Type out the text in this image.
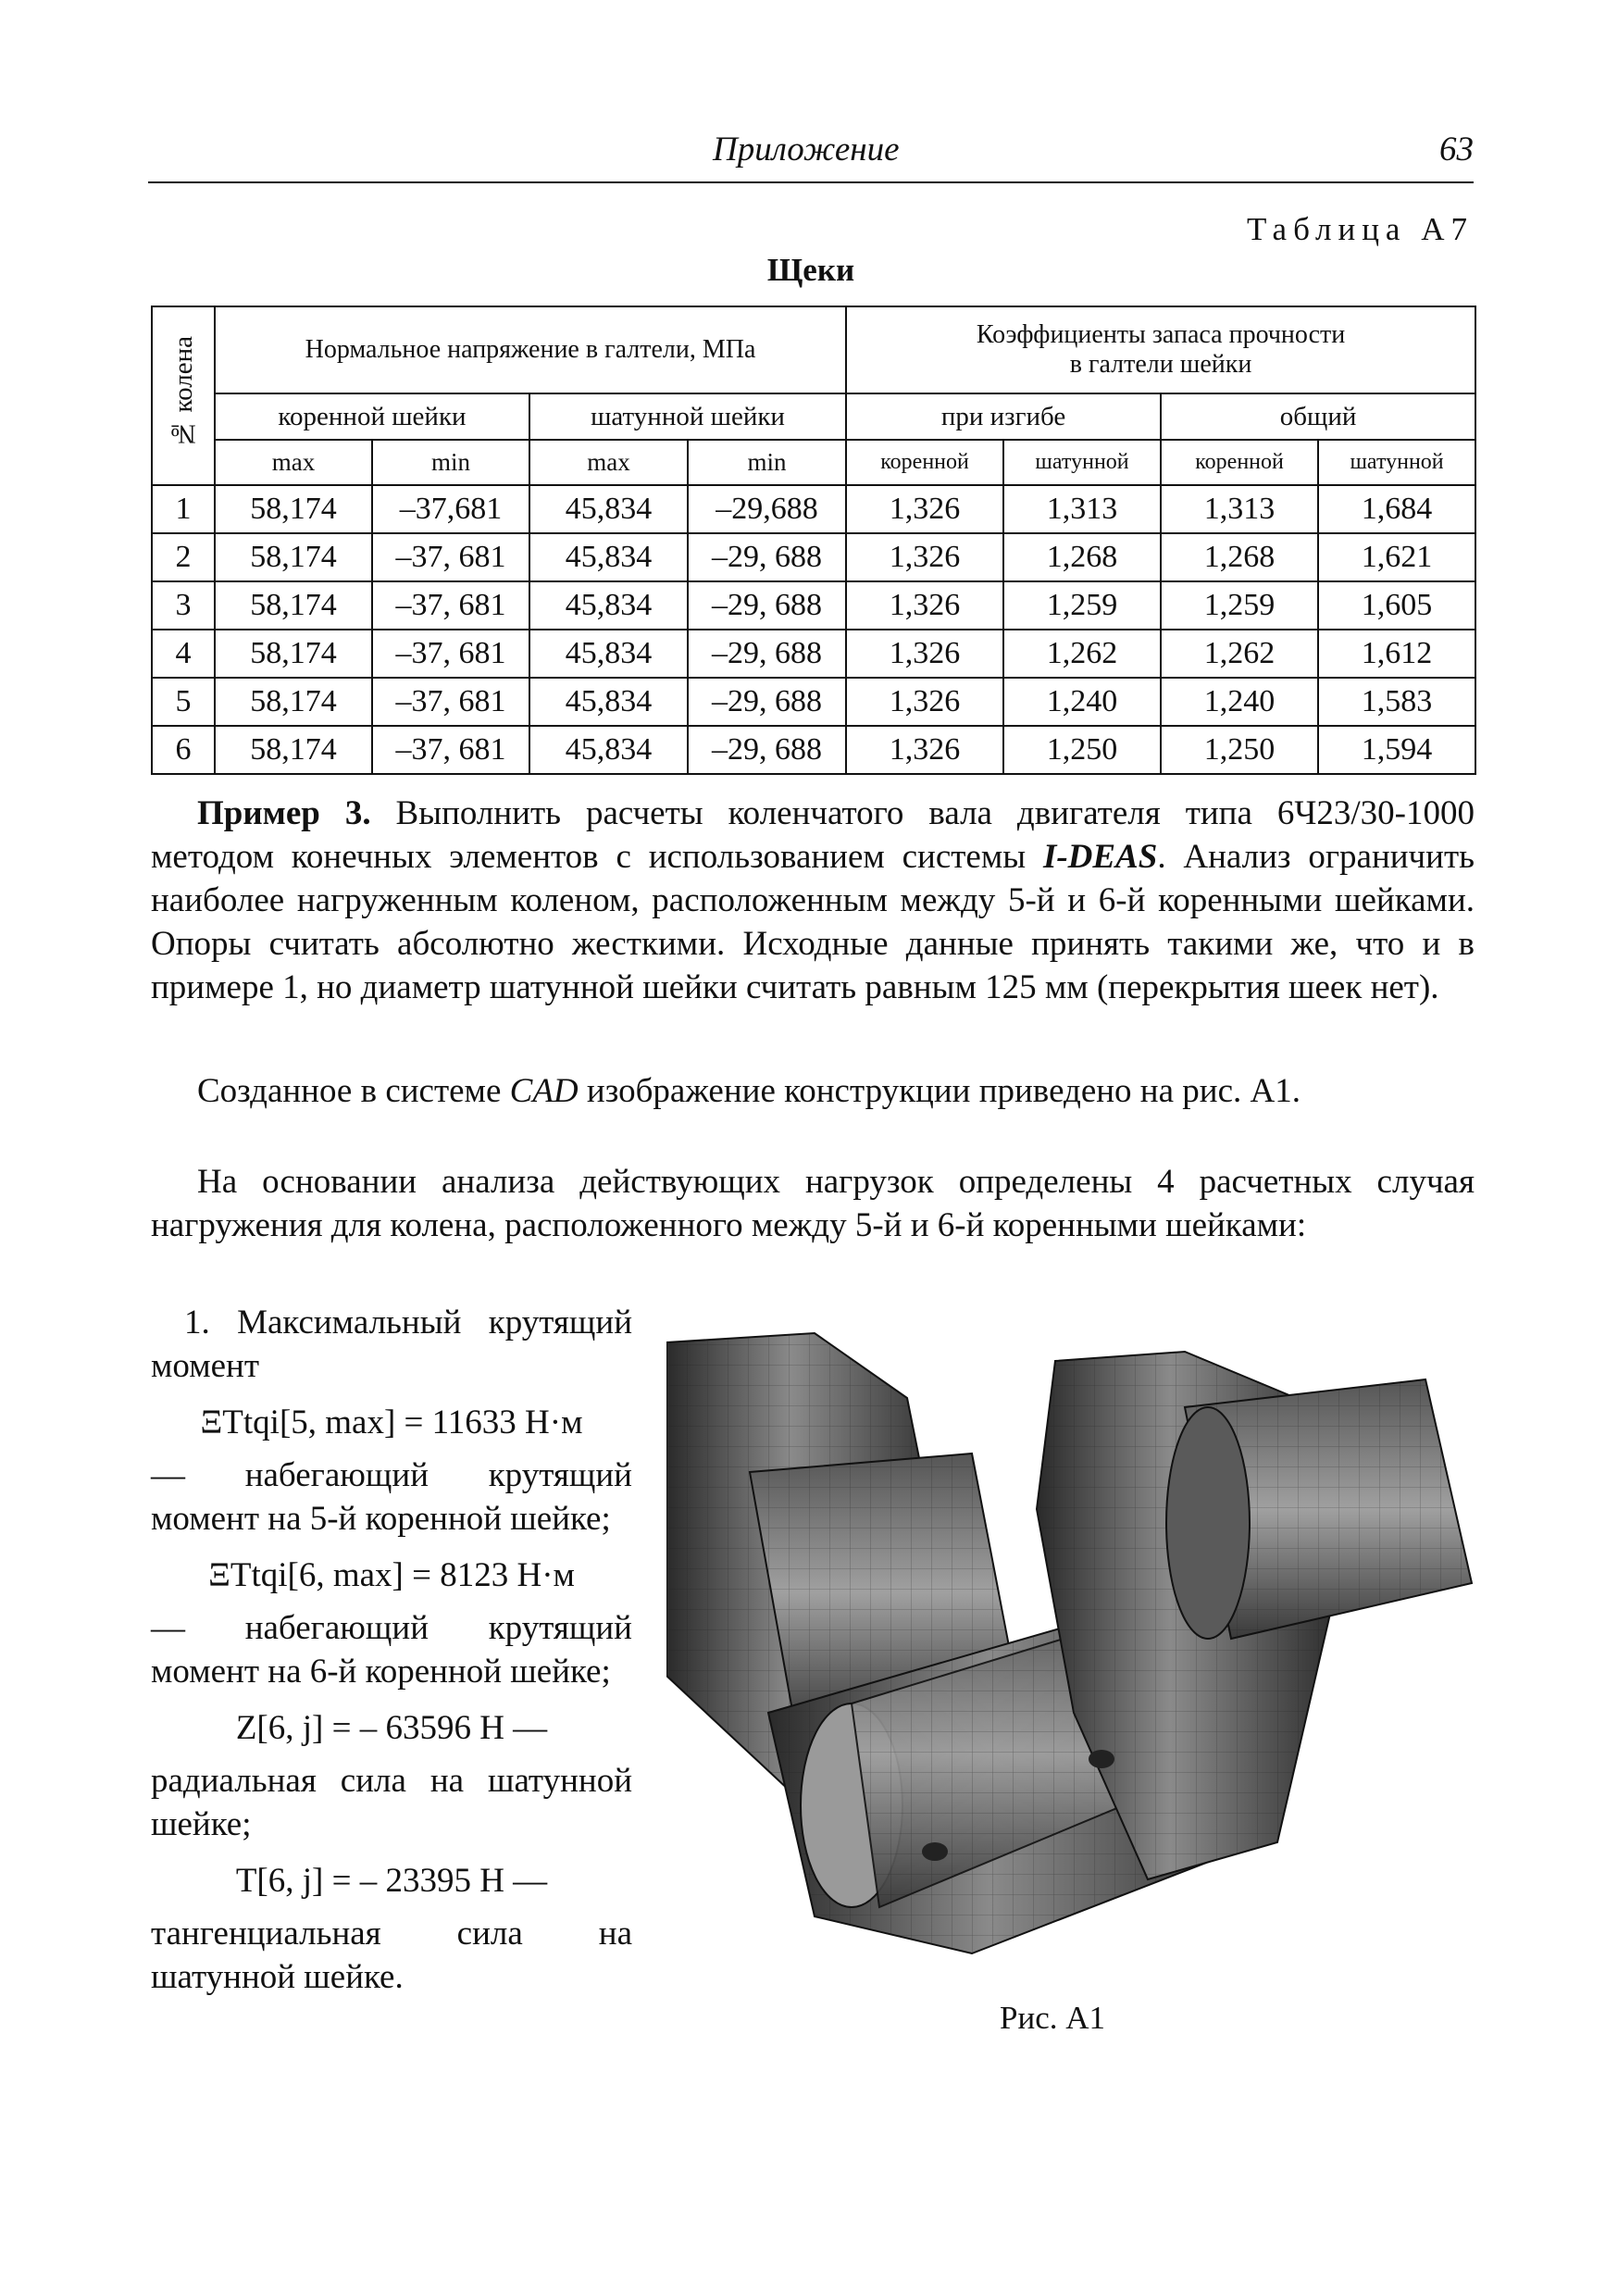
Приложение	63
Таблица А7
Щеки
№ колена	Нормальное напряжение в галтели, МПа				Коэффициенты запаса прочности
в галтели шейки			
	коренной шейки		шатунной шейки		при изгибе		общий	
	max	min	max	min	коренной	шатунной	коренной	шатунной
1	58,174	–37,681	45,834	–29,688	1,326	1,313	1,313	1,684
2	58,174	–37, 681	45,834	–29, 688	1,326	1,268	1,268	1,621
3	58,174	–37, 681	45,834	–29, 688	1,326	1,259	1,259	1,605
4	58,174	–37, 681	45,834	–29, 688	1,326	1,262	1,262	1,612
5	58,174	–37, 681	45,834	–29, 688	1,326	1,240	1,240	1,583
6	58,174	–37, 681	45,834	–29, 688	1,326	1,250	1,250	1,594

Пример 3. Выполнить расчеты коленчатого вала двигателя типа 6Ч23/30-1000 методом конечных элементов с использованием системы I-DEAS. Анализ ограничить наиболее нагруженным коленом, расположенным между 5-й и 6-й коренными шейками. Опоры считать абсолютно жесткими. Исходные данные принять такими же, что и в примере 1, но диаметр шатунной шейки считать равным 125 мм (перекрытия шеек нет).

Созданное в системе CAD изображение конструкции приведено на рис. А1.

На основании анализа действующих нагрузок определены 4 расчетных случая нагружения для колена, расположенного между 5-й и 6-й коренными шейками:

1. Максимальный крутящий момент

ΞTtqi[5, max] = 11633 Н·м

— набегающий крутящий момент на 5-й коренной шейке;

ΞTtqi[6, max] = 8123 Н·м

— набегающий крутящий момент на 6-й коренной шейке;

Z[6, j] = – 63596 Н —

радиальная сила на шатунной шейке;

T[6, j] = – 23395 Н —

тангенциальная сила на шатунной шейке.

Рис. А1
